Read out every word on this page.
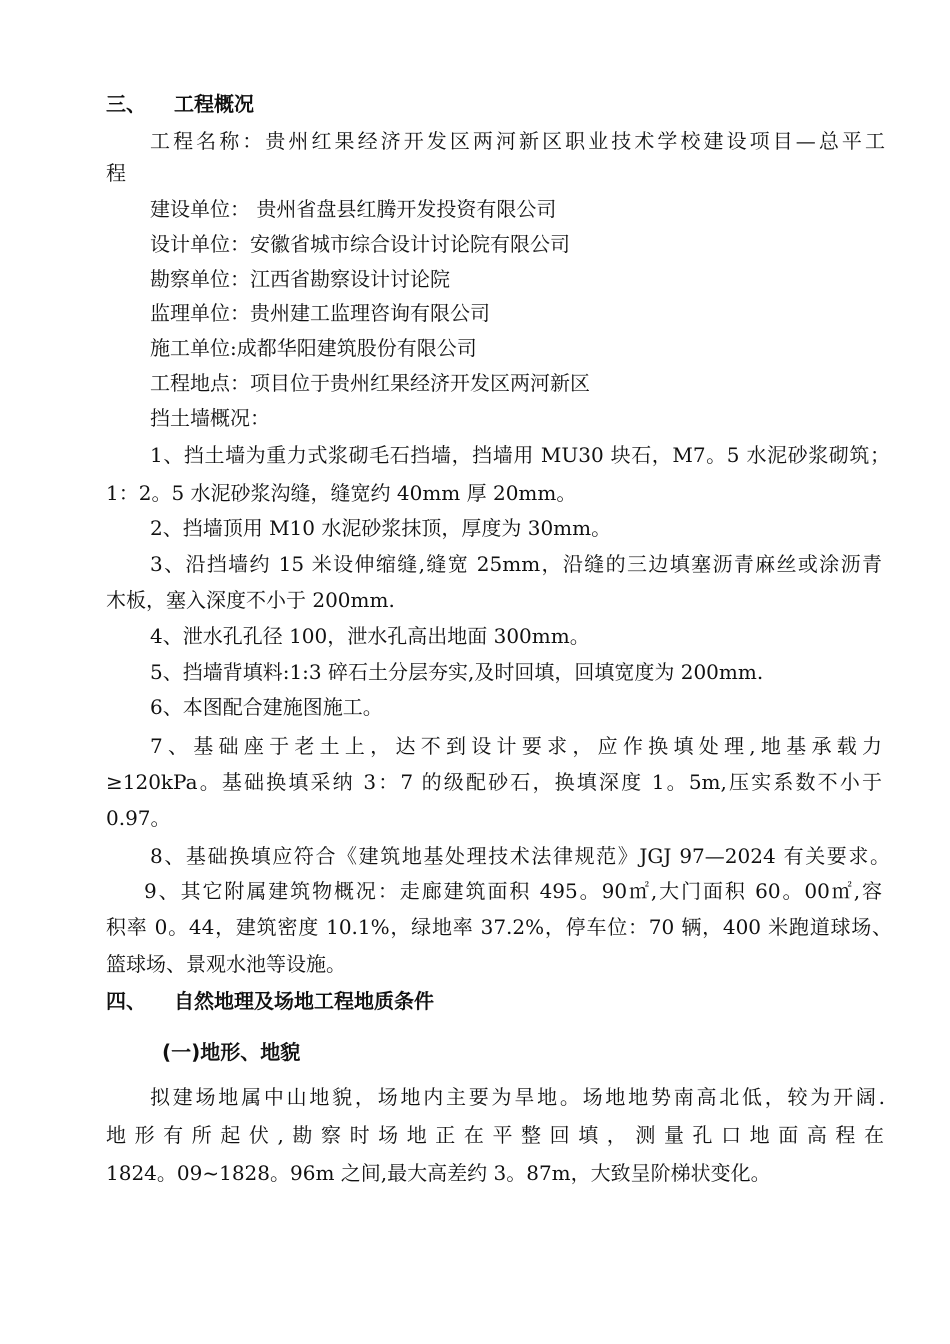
三、 工程概况
工程名称：贵州红果经济开发区两河新区职业技术学校建设项目—总平工
程
建设单位： 贵州省盘县红腾开发投资有限公司
设计单位：安徽省城市综合设计讨论院有限公司
勘察单位：江西省勘察设计讨论院
监理单位：贵州建工监理咨询有限公司
施工单位:成都华阳建筑股份有限公司
工程地点：项目位于贵州红果经济开发区两河新区
挡土墙概况：
1、挡土墙为重力式浆砌毛石挡墙，挡墙用 MU30 块石，M7。5 水泥砂浆砌筑；
1：2。5 水泥砂浆沟缝，缝宽约 40mm 厚 20mm。
2、挡墙顶用 M10 水泥砂浆抹顶，厚度为 30mm。
3、沿挡墙约 15 米设伸缩缝,缝宽 25mm，沿缝的三边填塞沥青麻丝或涂沥青
木板，塞入深度不小于 200mm.
4、泄水孔孔径 100，泄水孔高出地面 300mm。
5、挡墙背填料:1:3 碎石土分层夯实,及时回填，回填宽度为 200mm.
6、本图配合建施图施工。
7、基础座于老土上，达不到设计要求，应作换填处理,地基承载力
≥120kPa。基础换填采纳 3：7 的级配砂石，换填深度 1。5m,压实系数不小于
0.97。
8、基础换填应符合《建筑地基处理技术法律规范》JGJ 97—2024 有关要求。
9、其它附属建筑物概况：走廊建筑面积 495。90㎡,大门面积 60。00㎡,容
积率 0。44，建筑密度 10.1%，绿地率 37.2%，停车位：70 辆，400 米跑道球场、
篮球场、景观水池等设施。
四、 自然地理及场地工程地质条件
(一)地形、地貌
拟建场地属中山地貌，场地内主要为旱地。场地地势南高北低，较为开阔.
地形有所起伏,勘察时场地正在平整回填，测量孔口地面高程在
1824。09~1828。96m 之间,最大高差约 3。87m，大致呈阶梯状变化。
